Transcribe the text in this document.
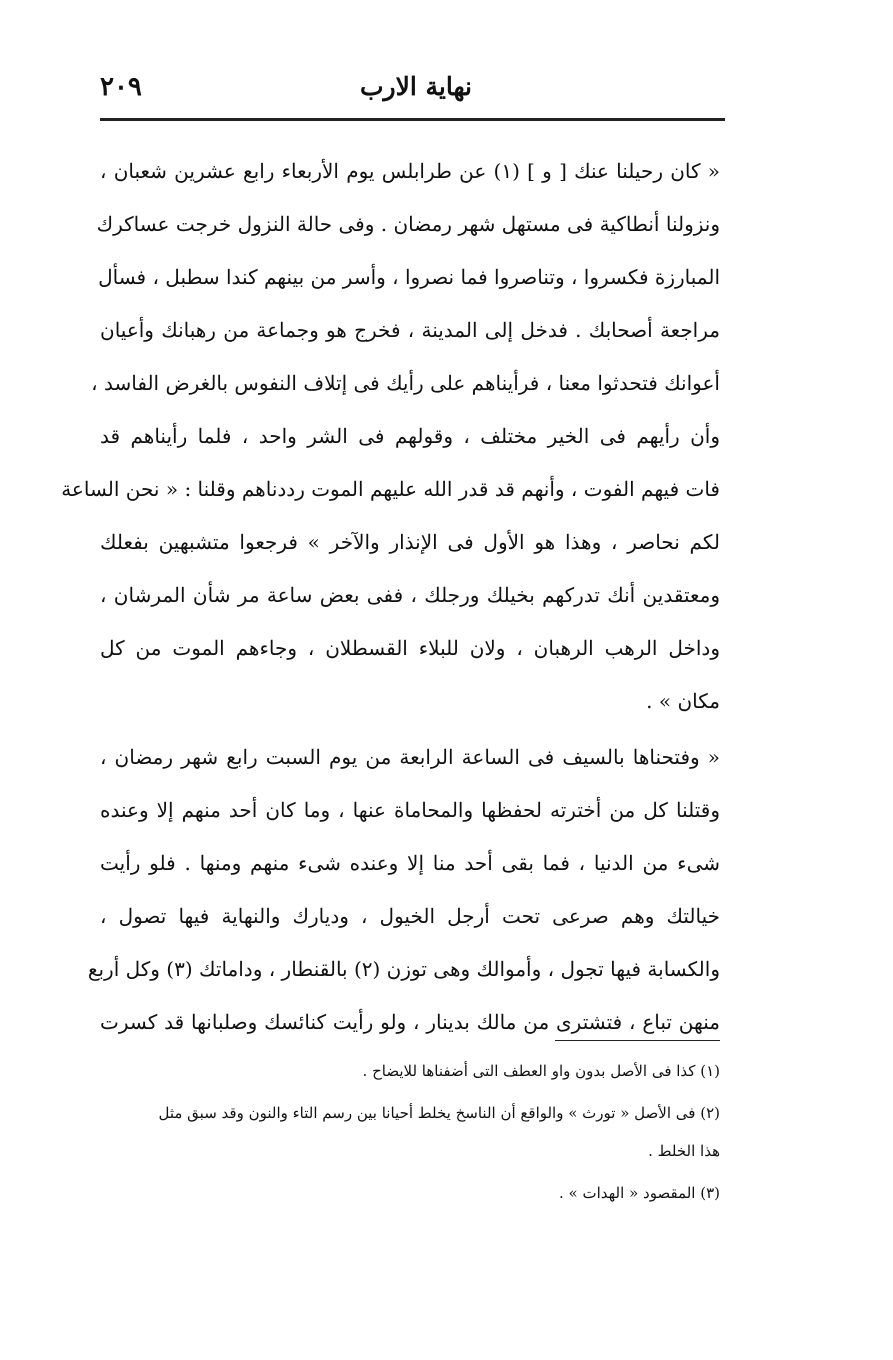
نهاية الارب
٢٠٩
« كان رحيلنا عنك [ و ] (١) عن طرابلس يوم الأربعاء رابع عشرين شعبان ،
ونزولنا أنطاكية فى مستهل شهر رمضان . وفى حالة النزول خرجت عساكرك
المبارزة فكسروا ، وتناصروا فما نصروا ، وأسر من بينهم كندا سطبل ، فسأل
مراجعة أصحابك . فدخل إلى المدينة ، فخرج هو وجماعة من رهبانك وأعيان
أعوانك فتحدثوا معنا ، فرأيناهم على رأيك فى إتلاف النفوس بالغرض الفاسد ،
وأن رأيهم فى الخير مختلف ، وقولهم فى الشر واحد ، فلما رأيناهم قد
فات فيهم الفوت ، وأنهم قد قدر الله عليهم الموت رددناهم وقلنا : « نحن الساعة
لكم نحاصر ، وهذا هو الأول فى الإنذار والآخر » فرجعوا متشبهين بفعلك
ومعتقدين أنك تدركهم بخيلك ورجلك ، ففى بعض ساعة مر شأن المرشان ،
وداخل الرهب الرهبان ، ولان للبلاء القسطلان ، وجاءهم الموت من كل
مكان » .
« وفتحناها بالسيف فى الساعة الرابعة من يوم السبت رابع شهر رمضان ،
وقتلنا كل من أخترته لحفظها والمحاماة عنها ، وما كان أحد منهم إلا وعنده
شىء من الدنيا ، فما بقى أحد منا إلا وعنده شىء منهم ومنها . فلو رأيت
خيالتك وهم صرعى تحت أرجل الخيول ، وديارك والنهاية فيها تصول ،
والكسابة فيها تجول ، وأموالك وهى توزن (٢) بالقنطار ، وداماتك (٣) وكل أربع
منهن تباع ، فتشترى من مالك بدينار ، ولو رأيت كنائسك وصلبانها قد كسرت
(١) كذا فى الأصل بدون واو العطف التى أضفناها للايضاح .
(٢) فى الأصل « تورث » والواقع أن الناسخ يخلط أحيانا بين رسم التاء والنون وقد سبق مثل
هذا الخلط .
(٣) المقصود « الهدات » .
